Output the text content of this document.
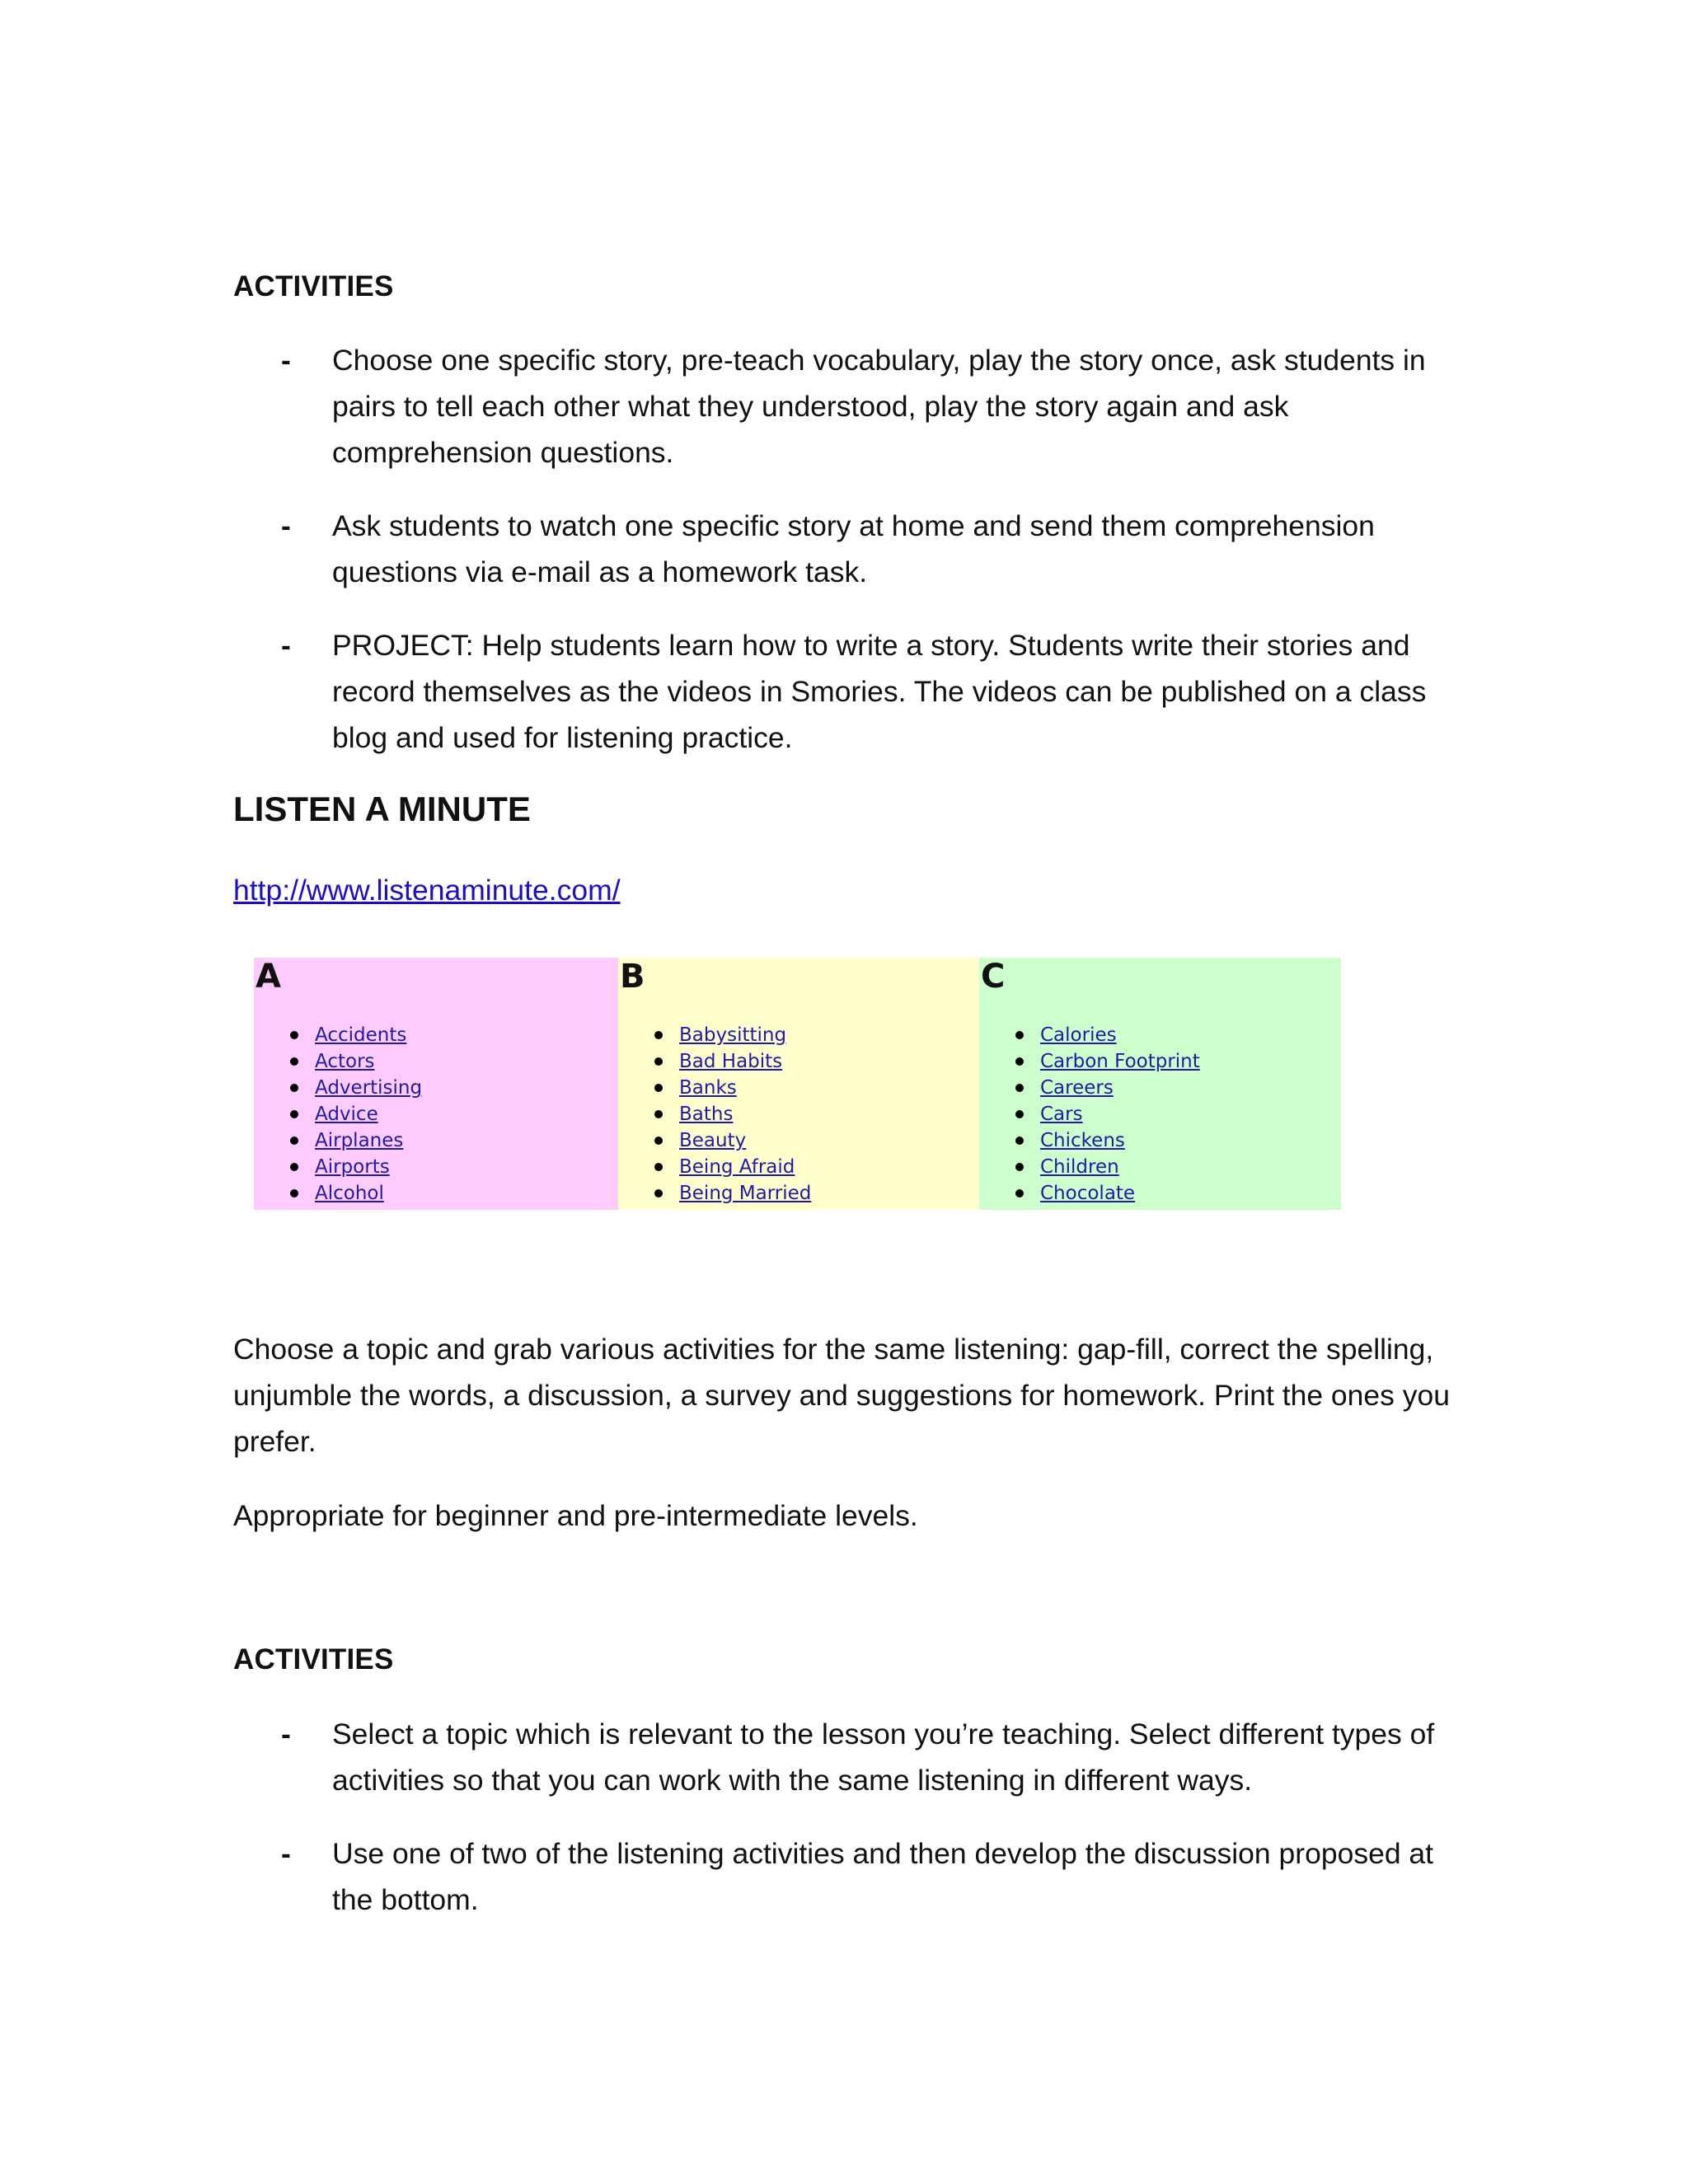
ACTIVITIES
- Choose one specific story, pre-teach vocabulary, play the story once, ask students in pairs to tell each other what they understood, play the story again and ask comprehension questions.
- Ask students to watch one specific story at home and send them comprehension questions via e-mail as a homework task.
- PROJECT: Help students learn how to write a story. Students write their stories and record themselves as the videos in Smories. The videos can be published on a class blog and used for listening practice.
LISTEN A MINUTE
http://www.listenaminute.com/
A
Accidents
Actors
Advertising
Advice
Airplanes
Airports
Alcohol
B
Babysitting
Bad Habits
Banks
Baths
Beauty
Being Afraid
Being Married
C
Calories
Carbon Footprint
Careers
Cars
Chickens
Children
Chocolate

Choose a topic and grab various activities for the same listening: gap-fill, correct the spelling, unjumble the words, a discussion, a survey and suggestions for homework. Print the ones you prefer.

Appropriate for beginner and pre-intermediate levels.

ACTIVITIES
- Select a topic which is relevant to the lesson you’re teaching. Select different types of activities so that you can work with the same listening in different ways.
- Use one of two of the listening activities and then develop the discussion proposed at the bottom.
